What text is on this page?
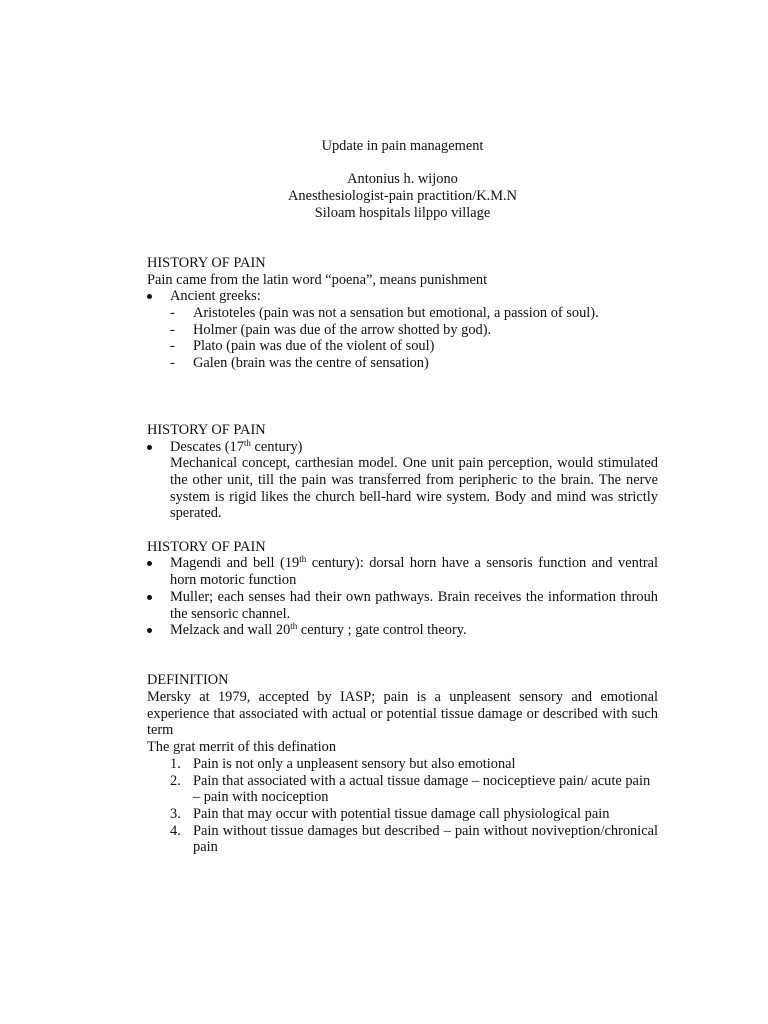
Update in pain management

Antonius h. wijono

Anesthesiologist-pain practition/K.M.N

Siloam hospitals lilppo village

HISTORY OF PAIN

Pain came from the latin word “poena”, means punishment

Ancient greeks:
- Aristoteles (pain was not a sensation but emotional, a passion of soul).
- Holmer (pain was due of the arrow shotted by god).
- Plato (pain was due of the violent of soul)
- Galen (brain was the centre of sensation)

HISTORY OF PAIN

Descates (17th century)

Mechanical concept, carthesian model. One unit pain perception, would stimulated the other unit, till the pain was transferred from peripheric to the brain. The nerve system is rigid likes the church bell-hard wire system. Body and mind was strictly sperated.

HISTORY OF PAIN

Magendi and bell (19th century): dorsal horn have a sensoris function and ventral horn motoric function
Muller; each senses had their own pathways. Brain receives the information throuh the sensoric channel.
Melzack and wall 20th century ; gate control theory.

DEFINITION

Mersky at 1979, accepted by IASP; pain is a unpleasent sensory and emotional experience that associated with actual or potential tissue damage or described with such term

The grat merrit of this defination

1. Pain is not only a unpleasent sensory but also emotional
2. Pain that associated with a actual tissue damage – nociceptieve pain/ acute pain – pain with nociception
3. Pain that may occur with potential tissue damage call physiological pain
4. Pain without tissue damages but described – pain without noviveption/chronical pain
